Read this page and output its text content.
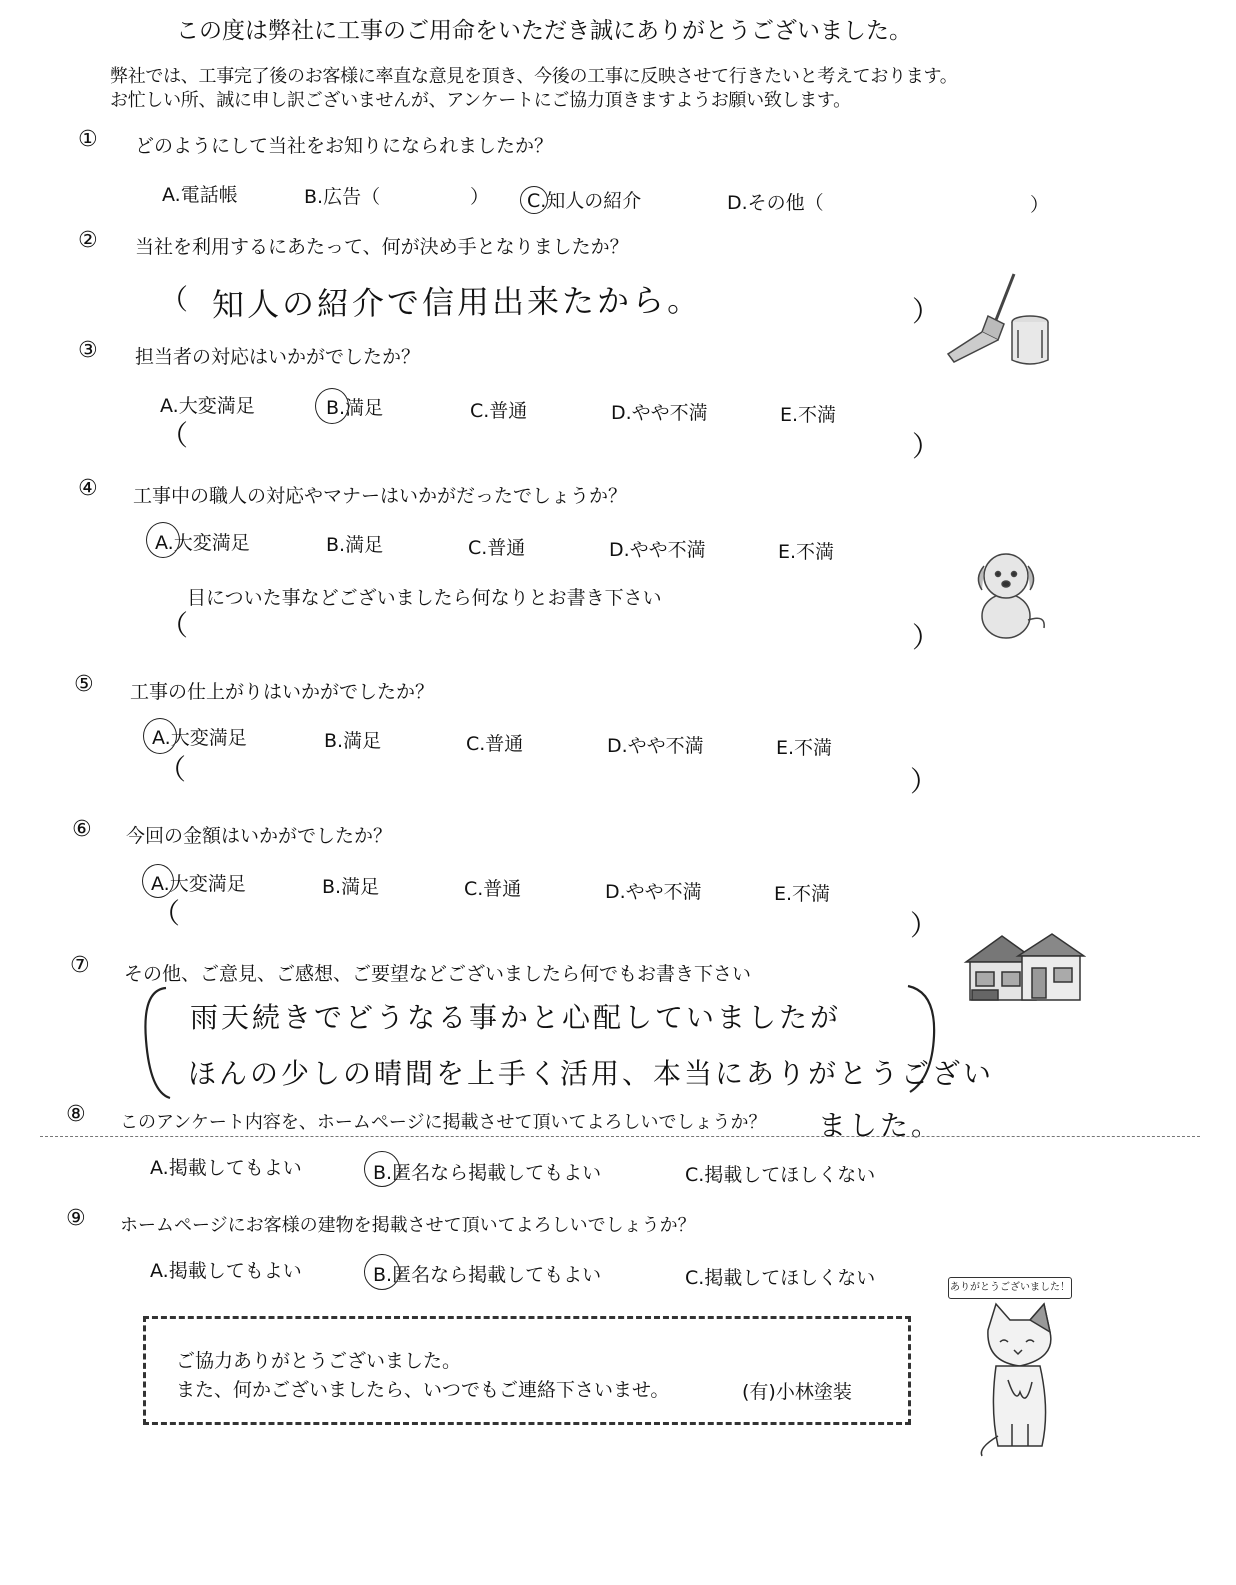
この度は弊社に工事のご用命をいただき誠にありがとうございました。
弊社では、工事完了後のお客様に率直な意見を頂き、今後の工事に反映させて行きたいと考えております。
お忙しい所、誠に申し訳ございませんが、アンケートにご協力頂きますようお願い致します。
① どのようにして当社をお知りになられましたか？
A.電話帳	B.広告（	） C.知人の紹介	D.その他（	）
② 当社を利用するにあたって、何が決め手となりましたか？
（ 知人の紹介で信用出来たから。	）
③ 担当者の対応はいかがでしたか？
A.大変満足	B.満足	C.普通	D.やや不満	E.不満
（	）
④ 工事中の職人の対応やマナーはいかがだったでしょうか？
A.大変満足	B.満足	C.普通	D.やや不満	E.不満
目についた事などございましたら何なりとお書き下さい
（	）
⑤ 工事の仕上がりはいかがでしたか？
A.大変満足	B.満足	C.普通	D.やや不満	E.不満
（	）
⑥ 今回の金額はいかがでしたか？
A.大変満足	B.満足	C.普通	D.やや不満	E.不満
（	）
⑦ その他、ご意見、ご感想、ご要望などございましたら何でもお書き下さい
雨天続きでどうなる事かと心配していましたが
ほんの少しの晴間を上手く活用、本当にありがとうござい
ました。
⑧ このアンケート内容を、ホームページに掲載させて頂いてよろしいでしょうか？
A.掲載してもよい	B.匿名なら掲載してもよい	C.掲載してほしくない
⑨ ホームページにお客様の建物を掲載させて頂いてよろしいでしょうか？
A.掲載してもよい	B.匿名なら掲載してもよい	C.掲載してほしくない
ご協力ありがとうございました。
また、何かございましたら、いつでもご連絡下さいませ。	(有)小林塗装
ありがとうございました！
